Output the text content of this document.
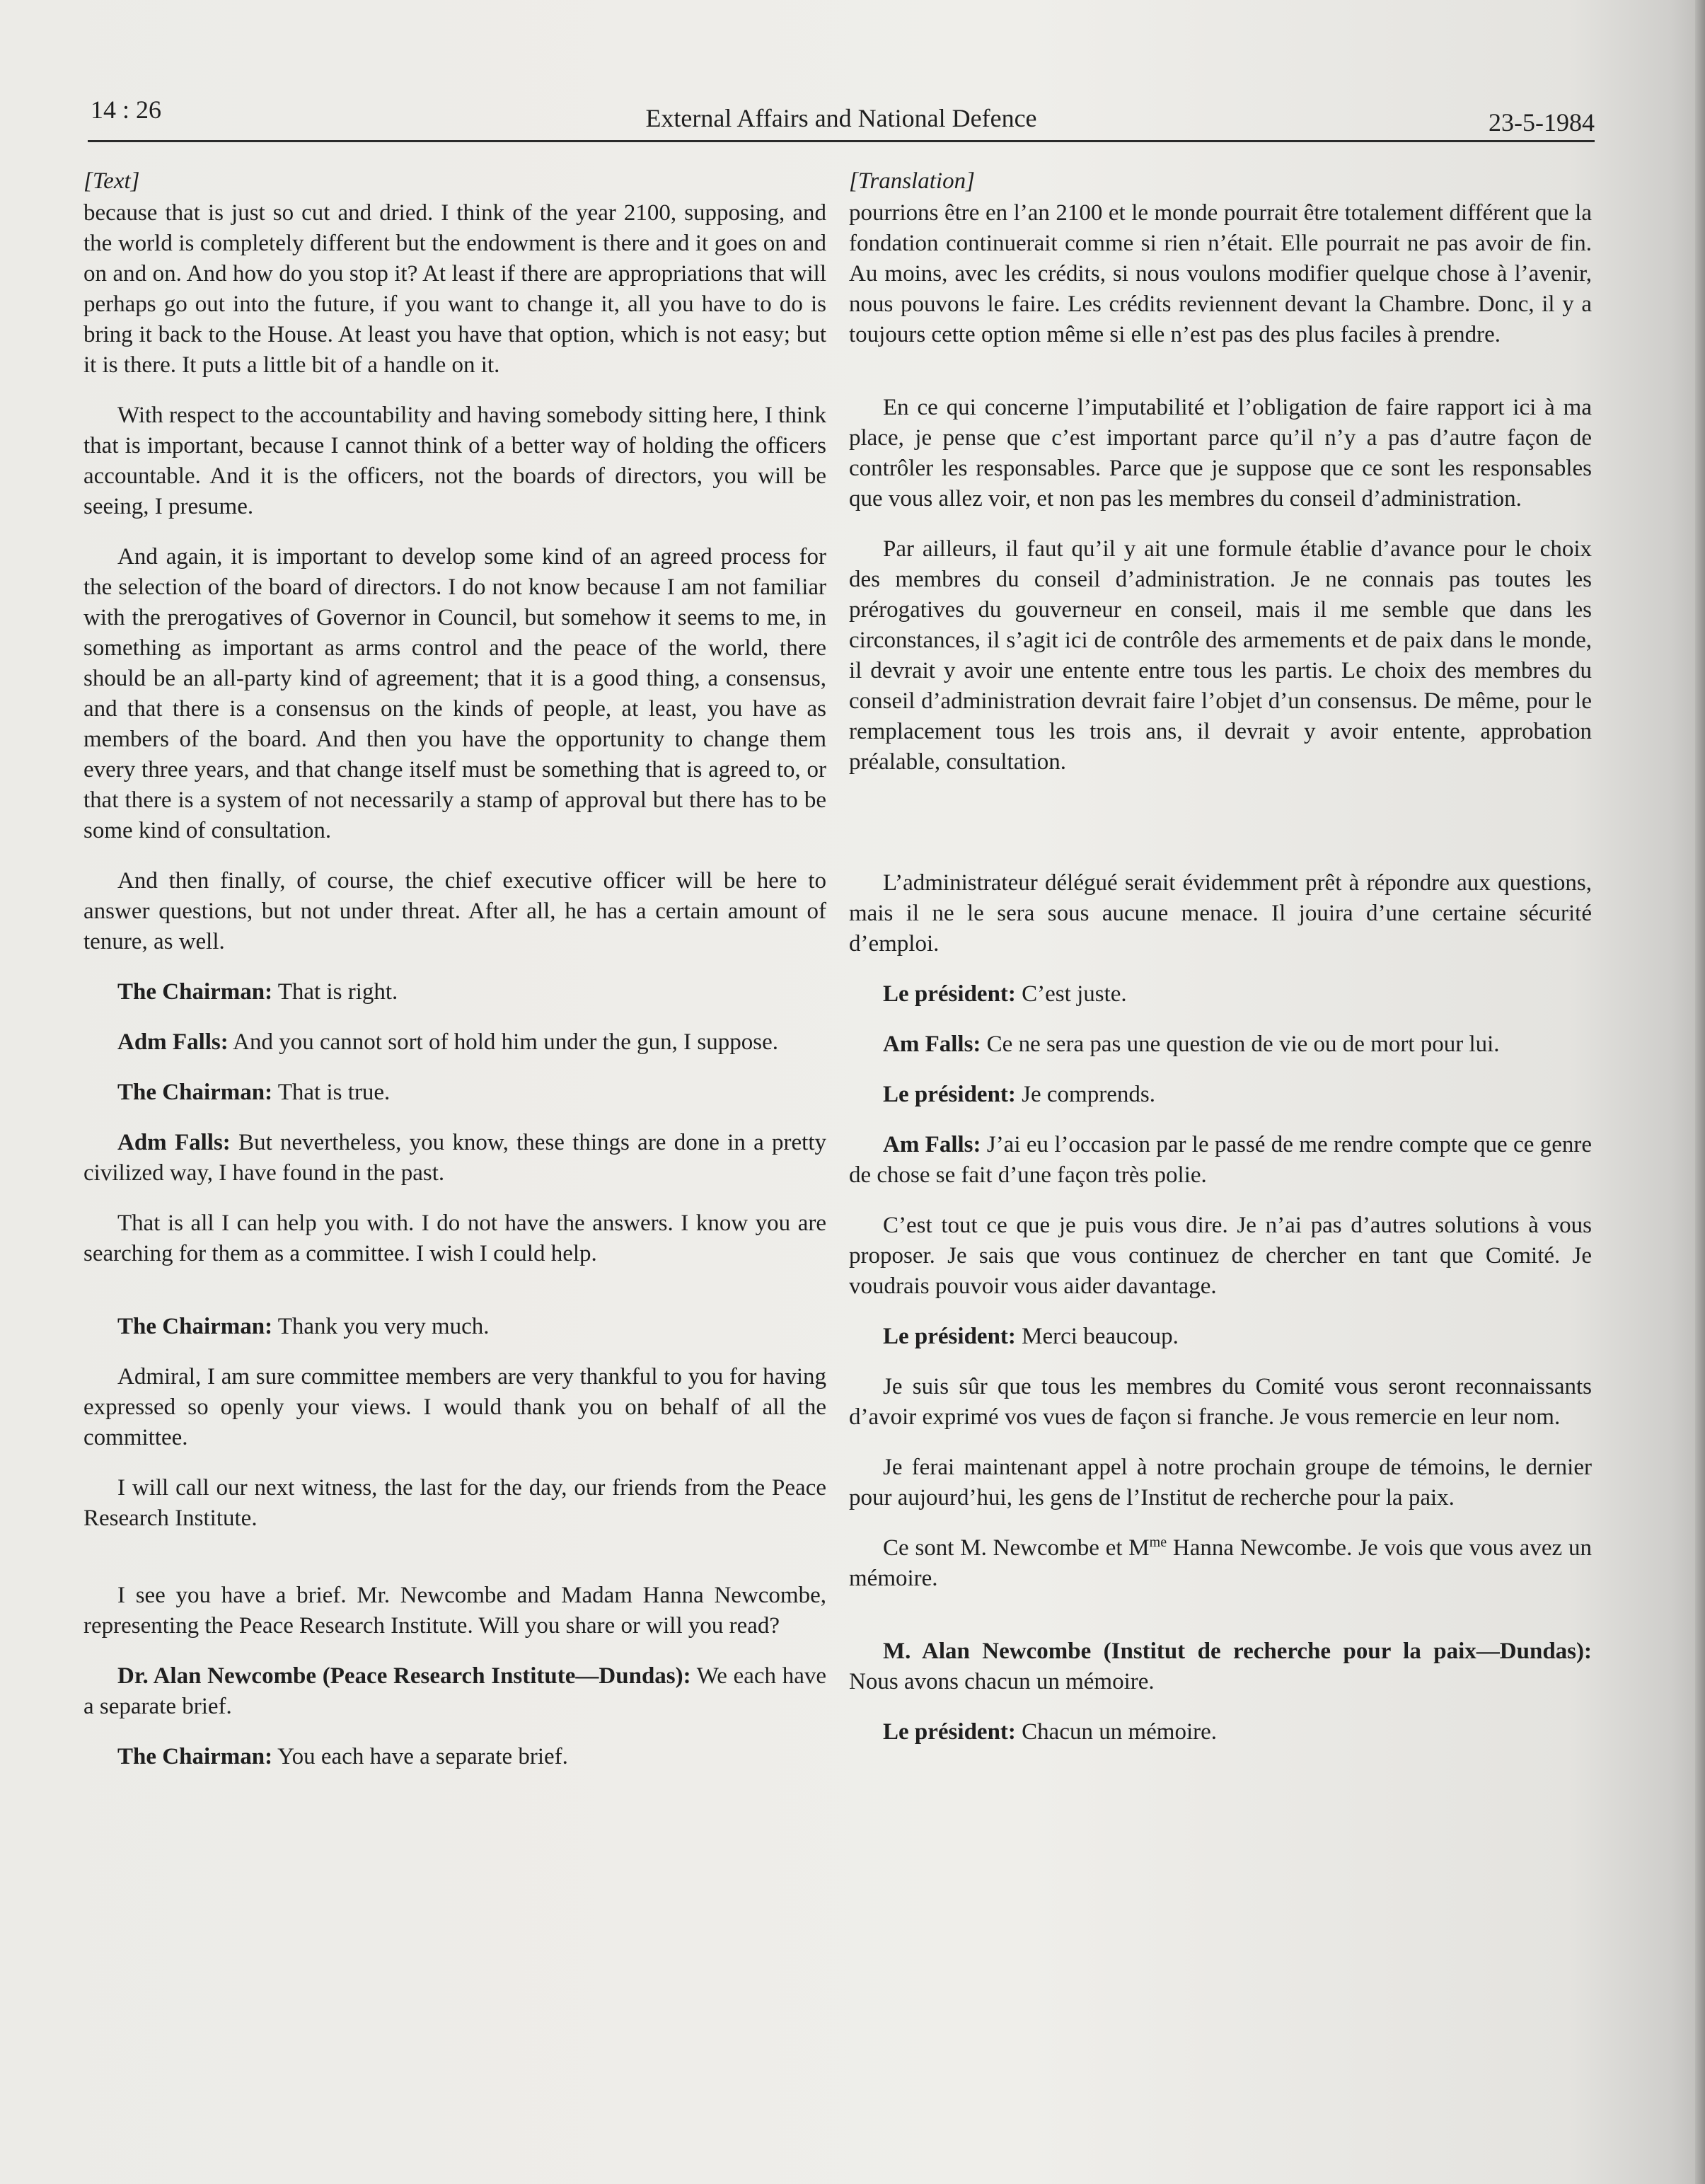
14 : 26	External Affairs and National Defence	23-5-1984
[Text]

because that is just so cut and dried. I think of the year 2100, supposing, and the world is completely different but the endowment is there and it goes on and on and on. And how do you stop it? At least if there are appropriations that will perhaps go out into the future, if you want to change it, all you have to do is bring it back to the House. At least you have that option, which is not easy; but it is there. It puts a little bit of a handle on it.

With respect to the accountability and having somebody sitting here, I think that is important, because I cannot think of a better way of holding the officers accountable. And it is the officers, not the boards of directors, you will be seeing, I presume.

And again, it is important to develop some kind of an agreed process for the selection of the board of directors. I do not know because I am not familiar with the prerogatives of Governor in Council, but somehow it seems to me, in something as important as arms control and the peace of the world, there should be an all-party kind of agreement; that it is a good thing, a consensus, and that there is a consensus on the kinds of people, at least, you have as members of the board. And then you have the opportunity to change them every three years, and that change itself must be something that is agreed to, or that there is a system of not necessarily a stamp of approval but there has to be some kind of consultation.

And then finally, of course, the chief executive officer will be here to answer questions, but not under threat. After all, he has a certain amount of tenure, as well.

The Chairman: That is right.

Adm Falls: And you cannot sort of hold him under the gun, I suppose.

The Chairman: That is true.

Adm Falls: But nevertheless, you know, these things are done in a pretty civilized way, I have found in the past.

That is all I can help you with. I do not have the answers. I know you are searching for them as a committee. I wish I could help.

The Chairman: Thank you very much.

Admiral, I am sure committee members are very thankful to you for having expressed so openly your views. I would thank you on behalf of all the committee.

I will call our next witness, the last for the day, our friends from the Peace Research Institute.

I see you have a brief. Mr. Newcombe and Madam Hanna Newcombe, representing the Peace Research Institute. Will you share or will you read?

Dr. Alan Newcombe (Peace Research Institute—Dundas): We each have a separate brief.

The Chairman: You each have a separate brief.

[Translation]

pourrions être en l’an 2100 et le monde pourrait être totalement différent que la fondation continuerait comme si rien n’était. Elle pourrait ne pas avoir de fin. Au moins, avec les crédits, si nous voulons modifier quelque chose à l’avenir, nous pouvons le faire. Les crédits reviennent devant la Chambre. Donc, il y a toujours cette option même si elle n’est pas des plus faciles à prendre.

En ce qui concerne l’imputabilité et l’obligation de faire rapport ici à ma place, je pense que c’est important parce qu’il n’y a pas d’autre façon de contrôler les responsables. Parce que je suppose que ce sont les responsables que vous allez voir, et non pas les membres du conseil d’administration.

Par ailleurs, il faut qu’il y ait une formule établie d’avance pour le choix des membres du conseil d’administration. Je ne connais pas toutes les prérogatives du gouverneur en conseil, mais il me semble que dans les circonstances, il s’agit ici de contrôle des armements et de paix dans le monde, il devrait y avoir une entente entre tous les partis. Le choix des membres du conseil d’administration devrait faire l’objet d’un consensus. De même, pour le remplacement tous les trois ans, il devrait y avoir entente, approbation préalable, consultation.

L’administrateur délégué serait évidemment prêt à répondre aux questions, mais il ne le sera sous aucune menace. Il jouira d’une certaine sécurité d’emploi.

Le président: C’est juste.

Am Falls: Ce ne sera pas une question de vie ou de mort pour lui.

Le président: Je comprends.

Am Falls: J’ai eu l’occasion par le passé de me rendre compte que ce genre de chose se fait d’une façon très polie.

C’est tout ce que je puis vous dire. Je n’ai pas d’autres solutions à vous proposer. Je sais que vous continuez de chercher en tant que Comité. Je voudrais pouvoir vous aider davantage.

Le président: Merci beaucoup.

Je suis sûr que tous les membres du Comité vous seront reconnaissants d’avoir exprimé vos vues de façon si franche. Je vous remercie en leur nom.

Je ferai maintenant appel à notre prochain groupe de témoins, le dernier pour aujourd’hui, les gens de l’Institut de recherche pour la paix.

Ce sont M. Newcombe et $M^{me}$ Hanna Newcombe. Je vois que vous avez un mémoire.

M. Alan Newcombe (Institut de recherche pour la paix—Dundas): Nous avons chacun un mémoire.

Le président: Chacun un mémoire.
